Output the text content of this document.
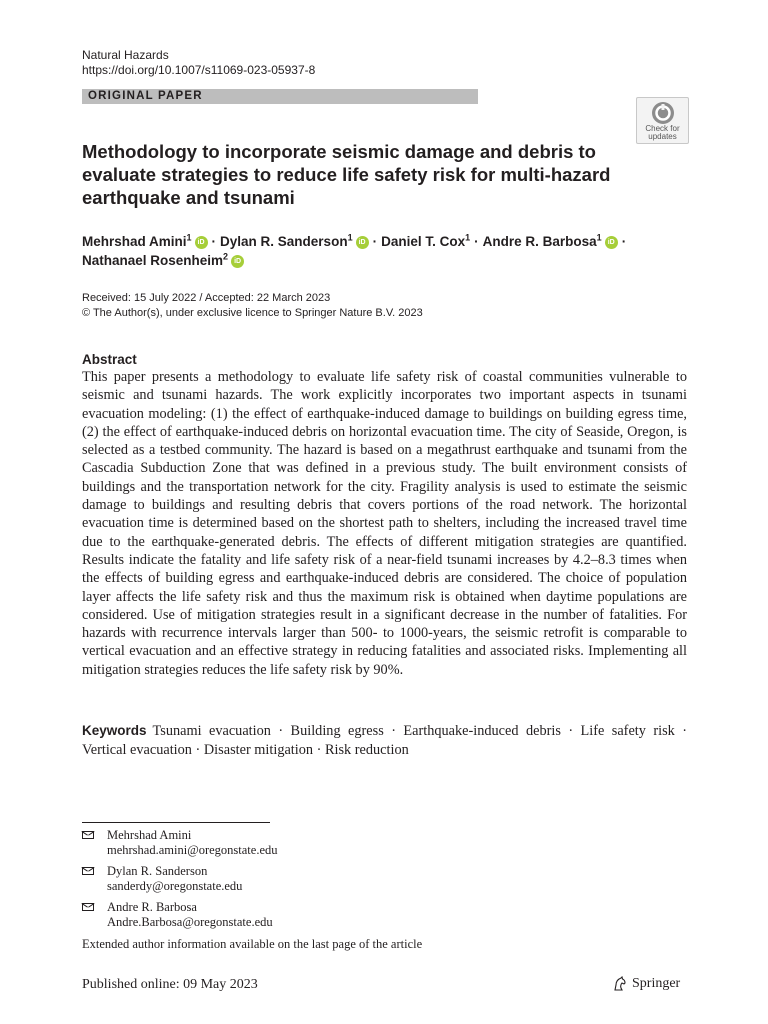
Natural Hazards
https://doi.org/10.1007/s11069-023-05937-8
ORIGINAL PAPER
Check for updates
Methodology to incorporate seismic damage and debris to evaluate strategies to reduce life safety risk for multi-hazard earthquake and tsunami
Mehrshad Amini$^1$ iD · Dylan R. Sanderson$^1$ iD · Daniel T. Cox$^1$ · Andre R. Barbosa$^1$ iD ·
Nathanael Rosenheim$^2$ iD
Received: 15 July 2022 / Accepted: 22 March 2023
© The Author(s), under exclusive licence to Springer Nature B.V. 2023
Abstract
This paper presents a methodology to evaluate life safety risk of coastal communities vulnerable to seismic and tsunami hazards. The work explicitly incorporates two important aspects in tsunami evacuation modeling: (1) the effect of earthquake-induced damage to buildings on building egress time, (2) the effect of earthquake-induced debris on horizontal evacuation time. The city of Seaside, Oregon, is selected as a testbed community. The hazard is based on a megathrust earthquake and tsunami from the Cascadia Subduction Zone that was defined in a previous study. The built environment consists of buildings and the transportation network for the city. Fragility analysis is used to estimate the seismic damage to buildings and resulting debris that covers portions of the road network. The horizontal evacuation time is determined based on the shortest path to shelters, including the increased travel time due to the earthquake-generated debris. The effects of different mitigation strategies are quantified. Results indicate the fatality and life safety risk of a near-field tsunami increases by 4.2–8.3 times when the effects of building egress and earthquake-induced debris are considered. The choice of population layer affects the life safety risk and thus the maximum risk is obtained when daytime populations are considered. Use of mitigation strategies result in a significant decrease in the number of fatalities. For hazards with recurrence intervals larger than 500- to 1000-years, the seismic retrofit is comparable to vertical evacuation and an effective strategy in reducing fatalities and associated risks. Implementing all mitigation strategies reduces the life safety risk by 90%.
Keywords Tsunami evacuation · Building egress · Earthquake-induced debris · Life safety risk · Vertical evacuation · Disaster mitigation · Risk reduction
Mehrshad Amini
mehrshad.amini@oregonstate.edu
Dylan R. Sanderson
sanderdy@oregonstate.edu
Andre R. Barbosa
Andre.Barbosa@oregonstate.edu
Extended author information available on the last page of the article
Published online: 09 May 2023	Springer
